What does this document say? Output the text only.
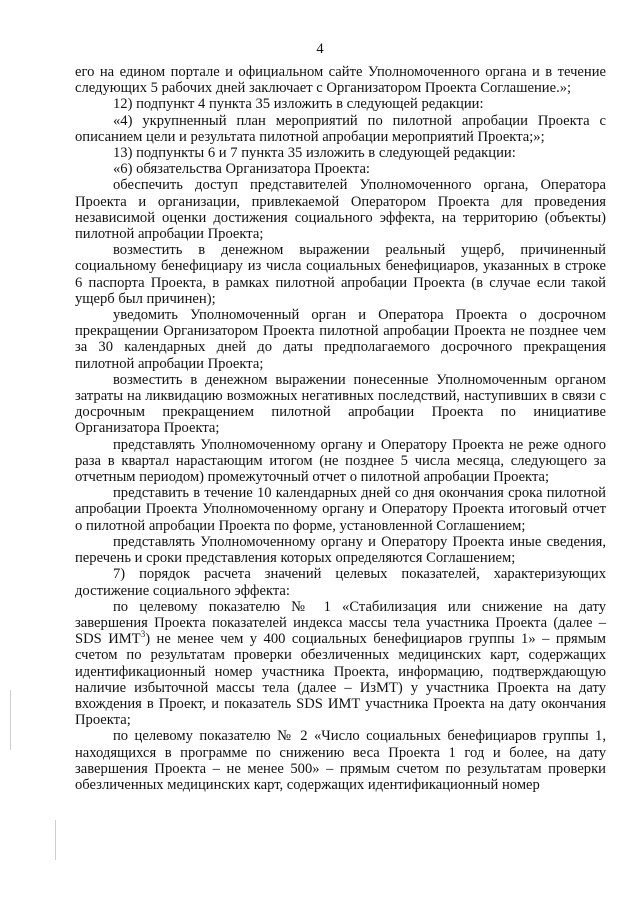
4

его на едином портале и официальном сайте Уполномоченного органа и в течение следующих 5 рабочих дней заключает с Организатором Проекта Соглашение.»;

12) подпункт 4 пункта 35 изложить в следующей редакции:

«4) укрупненный план мероприятий по пилотной апробации Проекта с описанием цели и результата пилотной апробации мероприятий Проекта;»;

13) подпункты 6 и 7 пункта 35 изложить в следующей редакции:

«6) обязательства Организатора Проекта:

обеспечить доступ представителей Уполномоченного органа, Оператора Проекта и организации, привлекаемой Оператором Проекта для проведения независимой оценки достижения социального эффекта, на территорию (объекты) пилотной апробации Проекта;

возместить в денежном выражении реальный ущерб, причиненный социальному бенефициару из числа социальных бенефициаров, указанных в строке 6 паспорта Проекта, в рамках пилотной апробации Проекта (в случае если такой ущерб был причинен);

уведомить Уполномоченный орган и Оператора Проекта о досрочном прекращении Организатором Проекта пилотной апробации Проекта не позднее чем за 30 календарных дней до даты предполагаемого досрочного прекращения пилотной апробации Проекта;

возместить в денежном выражении понесенные Уполномоченным органом затраты на ликвидацию возможных негативных последствий, наступивших в связи с досрочным прекращением пилотной апробации Проекта по инициативе Организатора Проекта;

представлять Уполномоченному органу и Оператору Проекта не реже одного раза в квартал нарастающим итогом (не позднее 5 числа месяца, следующего за отчетным периодом) промежуточный отчет о пилотной апробации Проекта;

представить в течение 10 календарных дней со дня окончания срока пилотной апробации Проекта Уполномоченному органу и Оператору Проекта итоговый отчет о пилотной апробации Проекта по форме, установленной Соглашением;

представлять Уполномоченному органу и Оператору Проекта иные сведения, перечень и сроки представления которых определяются Соглашением;

7) порядок расчета значений целевых показателей, характеризующих достижение социального эффекта:

по целевому показателю № 1 «Стабилизация или снижение на дату завершения Проекта показателей индекса массы тела участника Проекта (далее – SDS ИМТ$^3$) не менее чем у 400 социальных бенефициаров группы 1» – прямым счетом по результатам проверки обезличенных медицинских карт, содержащих идентификационный номер участника Проекта, информацию, подтверждающую наличие избыточной массы тела (далее – ИзМТ) у участника Проекта на дату вхождения в Проект, и показатель SDS ИМТ участника Проекта на дату окончания Проекта;

по целевому показателю № 2 «Число социальных бенефициаров группы 1, находящихся в программе по снижению веса Проекта 1 год и более, на дату завершения Проекта – не менее 500» – прямым счетом по результатам проверки обезличенных медицинских карт, содержащих идентификационный номер
